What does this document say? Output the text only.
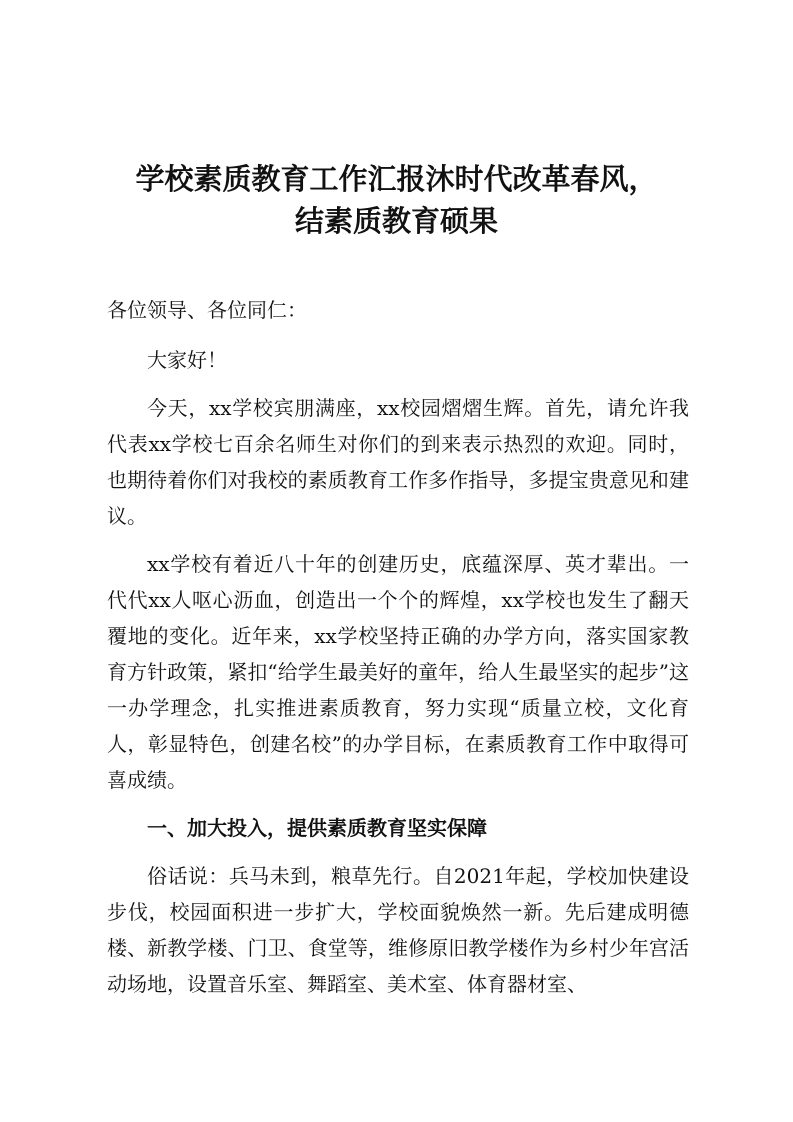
学校素质教育工作汇报沐时代改革春风，
结素质教育硕果

各位领导、各位同仁：

大家好！

今天，xx学校宾朋满座，xx校园熠熠生辉。首先，请允许我代表xx学校七百余名师生对你们的到来表示热烈的欢迎。同时，也期待着你们对我校的素质教育工作多作指导，多提宝贵意见和建议。

xx学校有着近八十年的创建历史，底蕴深厚、英才辈出。一代代xx人呕心沥血，创造出一个个的辉煌，xx学校也发生了翻天覆地的变化。近年来，xx学校坚持正确的办学方向，落实国家教育方针政策，紧扣“给学生最美好的童年，给人生最坚实的起步”这一办学理念，扎实推进素质教育，努力实现“质量立校，文化育人，彰显特色，创建名校”的办学目标，在素质教育工作中取得可喜成绩。

一、加大投入，提供素质教育坚实保障

俗话说：兵马未到，粮草先行。自2021年起，学校加快建设步伐，校园面积进一步扩大，学校面貌焕然一新。先后建成明德楼、新教学楼、门卫、食堂等，维修原旧教学楼作为乡村少年宫活动场地，设置音乐室、舞蹈室、美术室、体育器材室、
